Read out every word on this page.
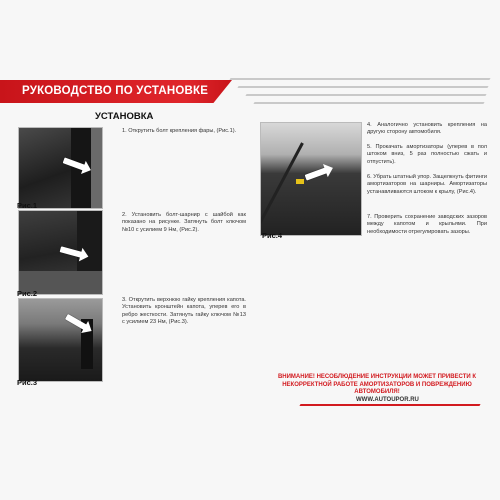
РУКОВОДСТВО ПО УСТАНОВКЕ
УСТАНОВКА
Рис.1
Рис.2
Рис.3
Рис.4
1. Открутить болт крепления фары, (Рис.1).
2. Установить болт-шарнир с шайбой как показано на рисунке. Затянуть болт ключом №10 с усилием 9 Нм, (Рис.2).
3. Открутить верхнюю гайку крепления капота. Установить кронштейн капота, уперев его в ребро жесткости. Затянуть гайку ключом №13 с усилием 23 Нм, (Рис.3).
4. Аналогично установить крепления на другую сторону автомобиля.
5. Прокачать амортизаторы (уперев в пол штоком вниз, 5 раз полностью сжать и отпустить).
6. Убрать штатный упор. Защелкнуть фитинги амортизаторов на шарниры. Амортизаторы устанавливаются штоком к крылу, (Рис.4).
7. Проверить сохранение заводских зазоров между капотом и крыльями. При необходимости отрегулировать зазоры.
ВНИМАНИЕ! НЕСОБЛЮДЕНИЕ ИНСТРУКЦИИ МОЖЕТ ПРИВЕСТИ К
НЕКОРРЕКТНОЙ РАБОТЕ АМОРТИЗАТОРОВ И ПОВРЕЖДЕНИЮ
АВТОМОБИЛЯ!
WWW.AUTOUPOR.RU
